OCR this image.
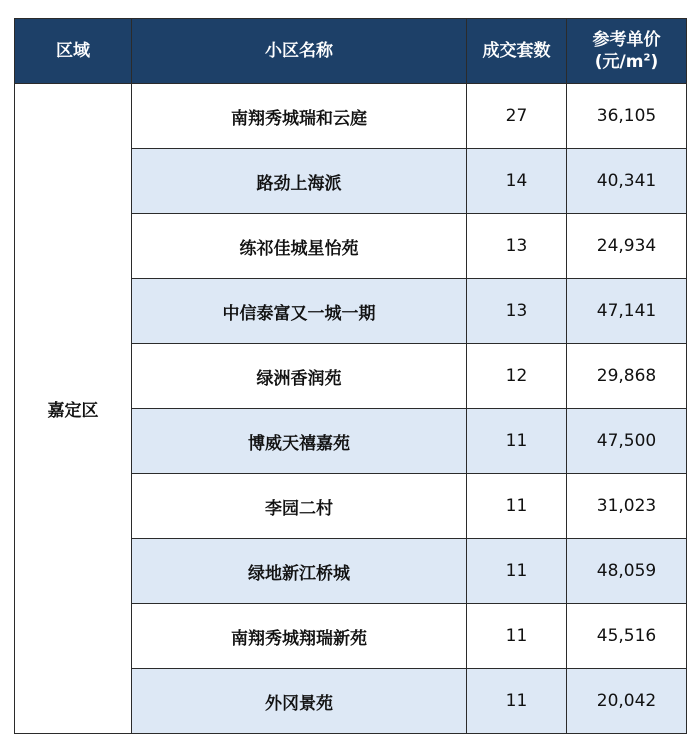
区域	小区名称	成交套数	参考单价
(元$/m^2$)
嘉定区	南翔秀城瑞和云庭	27	36,105
	路劲上海派	14	40,341
	练祁佳城星怡苑	13	24,934
	中信泰富又一城一期	13	47,141
	绿洲香润苑	12	29,868
	博威天禧嘉苑	11	47,500
	李园二村	11	31,023
	绿地新江桥城	11	48,059
	南翔秀城翔瑞新苑	11	45,516
	外冈景苑	11	20,042
